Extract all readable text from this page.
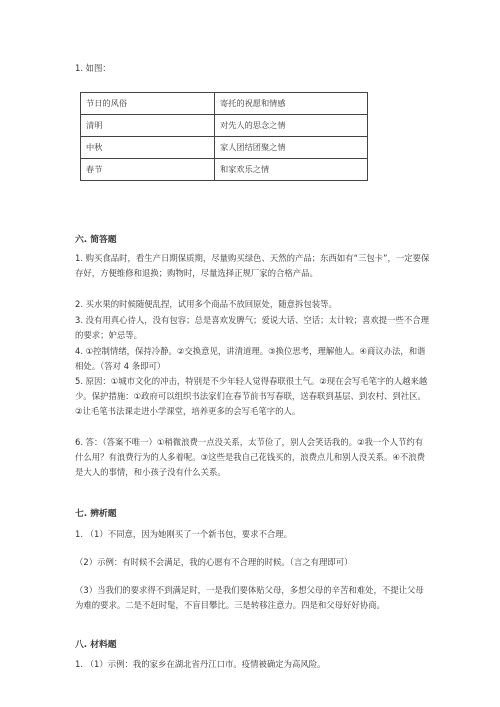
1. 如图：

节日的风俗	寄托的祝愿和情感
清明	对先人的思念之情
中秋	家人团结团聚之情
春节	和家欢乐之情

六. 简答题

1. 购买食品时，看生产日期保质期，尽量购买绿色、天然的产品；东西如有“三包卡”，一定要保存好，方便维修和退换；购物时，尽量选择正规厂家的合格产品。

2. 买水果的时候随便乱捏，试用多个商品不放回原处，随意拆包装等。

3. 没有用真心待人，没有包容；总是喜欢发脾气；爱说大话、空话；太计较；喜欢提一些不合理的要求；妒忌等。

4. ①控制情绪，保持冷静。②交换意见，讲清道理。③换位思考，理解他人。④商议办法，和谐相处。（答对 4 条即可）

5. 原因：①城市文化的冲击，特别是不少年轻人觉得春联很土气。②现在会写毛笔字的人越来越少。保护措施：①政府可以组织书法家们在春节前书写春联，送春联到基层、到农村、到社区。②让毛笔书法课走进小学课堂，培养更多的会写毛笔字的人。

6. 答：（答案不唯一）①稍微浪费一点没关系，太节俭了，别人会笑话我的。②我一个人节约有什么用？有浪费行为的人多着呢。③这些是我自己花钱买的，浪费点儿和别人没关系。④不浪费是大人的事情，和小孩子没有什么关系。

七. 辨析题

1. （1）不同意，因为她刚买了一个新书包，要求不合理。

（2）示例：有时候不会满足，我的心愿有不合理的时候。（言之有理即可）

（3）当我们的要求得不到满足时，一是我们要体贴父母，多想父母的辛苦和难处，不提让父母为难的要求。二是不赶时髦，不盲目攀比。三是转移注意力。四是和父母好好协商。

八. 材料题

1. （1）示例：我的家乡在湖北省丹江口市。疫情被确定为高风险。
